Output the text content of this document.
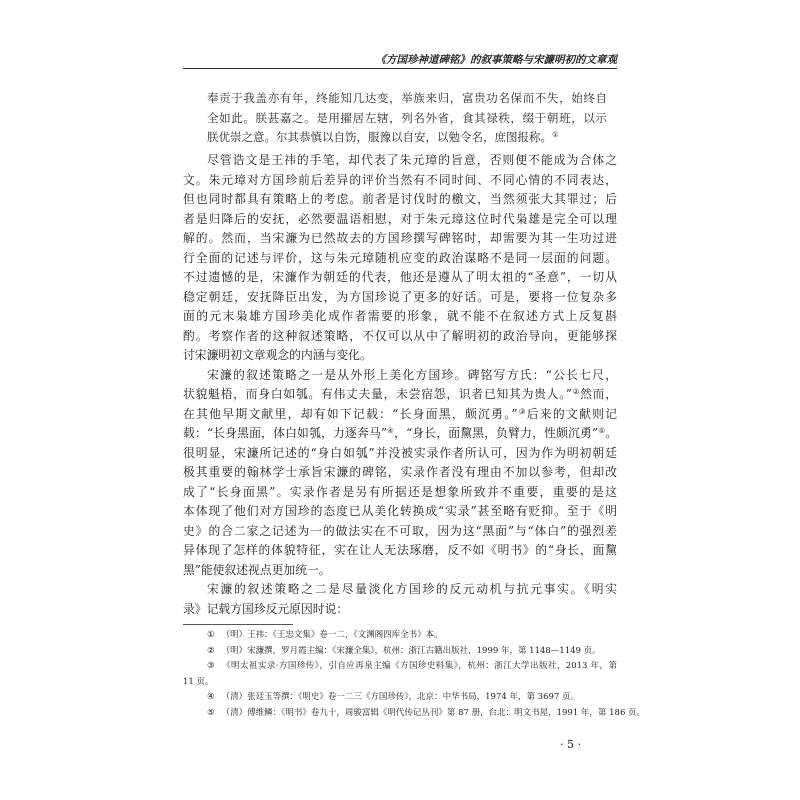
《方国珍神道碑铭》的叙事策略与宋濂明初的文章观
奉贡于我盖亦有年，终能知几达变，举族来归，富贵功名保而不失，始终自
全如此。朕甚嘉之。是用擢居左辖，列名外省，食其禄秩，缀于朝班，以示
朕优崇之意。尔其恭慎以自饬，服豫以自安，以勉令名，庶图报称。①
尽管诰文是王祎的手笔，却代表了朱元璋的旨意，否则便不能成为合体之
文。朱元璋对方国珍前后差异的评价当然有不同时间、不同心情的不同表达，
但也同时都具有策略上的考虑。前者是讨伐时的檄文，当然须张大其罪过；后
者是归降后的安抚，必然要温语相慰，对于朱元璋这位时代枭雄是完全可以理
解的。然而，当宋濂为已然故去的方国珍撰写碑铭时，却需要为其一生功过进
行全面的记述与评价，这与朱元璋随机应变的政治谋略不是同一层面的问题。
不过遗憾的是，宋濂作为朝廷的代表，他还是遵从了明太祖的“圣意”，一切从
稳定朝廷，安抚降臣出发，为方国珍说了更多的好话。可是，要将一位复杂多
面的元末枭雄方国珍美化成作者需要的形象，就不能不在叙述方式上反复斟
酌。考察作者的这种叙述策略，不仅可以从中了解明初的政治导向，更能够探
讨宋濂明初文章观念的内涵与变化。
宋濂的叙述策略之一是从外形上美化方国珍。碑铭写方氏：“公长七尺，
状貌魁梧，而身白如瓠。有伟丈夫量，未尝宿怨，识者已知其为贵人。”②然而，
在其他早期文献里，却有如下记载：“长身面黑，颇沉勇。”③后来的文献则记
载：“长身黑面，体白如瓠，力逐奔马”④，“身长，面黧黑，负臂力，性颇沉勇”⑤。
很明显，宋濂所记述的“身白如瓠”并没被实录作者所认可，因为作为明初朝廷
极其重要的翰林学士承旨宋濂的碑铭，实录作者没有理由不加以参考，但却改
成了“长身面黑”。实录作者是另有所据还是想象所致并不重要，重要的是这
本体现了他们对方国珍的态度已从美化转换成“实录”甚至略有贬抑。至于《明
史》的合二家之记述为一的做法实在不可取，因为这“黑面”与“体白”的强烈差
异体现了怎样的体貌特征，实在让人无法琢磨，反不如《明书》的“身长，面黧
黑”能使叙述视点更加统一。
宋濂的叙述策略之二是尽量淡化方国珍的反元动机与抗元事实。《明实
录》记载方国珍反元原因时说：
① （明）王祎：《王忠文集》卷一二，《文渊阁四库全书》本。
② （明）宋濂撰，罗月霞主编：《宋濂全集》，杭州：浙江古籍出版社，1999 年，第 1148—1149 页。
③ 《明太祖实录·方国珍传》，引自应再泉主编《方国珍史料集》，杭州：浙江大学出版社，2013 年，第
11 页。
④ （清）张廷玉等撰：《明史》卷一二三《方国珍传》，北京：中华书局，1974 年，第 3697 页。
⑤ （清）傅维鳞：《明书》卷九十，周骏富辑《明代传记丛刊》第 87 册，台北：明文书屋，1991 年，第 186 页。
· 5 ·
